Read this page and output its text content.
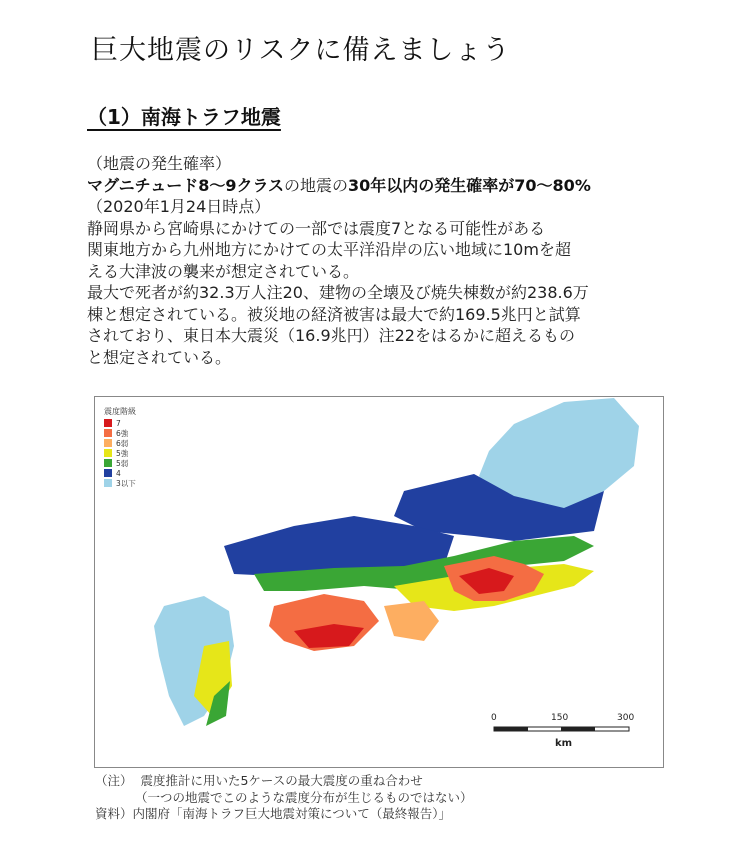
巨大地震のリスクに備えましょう
（1）南海トラフ地震

（地震の発生確率）

マグニチュード8〜9クラスの地震の30年以内の発生確率が70〜80%

（2020年1月24日時点）

静岡県から宮崎県にかけての一部では震度7となる可能性がある

関東地方から九州地方にかけての太平洋沿岸の広い地域に10mを超

える大津波の襲来が想定されている。

最大で死者が約32.3万人注20、建物の全壊及び焼失棟数が約238.6万

棟と想定されている。被災地の経済被害は最大で約169.5兆円と試算

されており、東日本大震災（16.9兆円）注22をはるかに超えるもの

と想定されている。

震度階級
7
6強
6弱
5強
5弱
4
3以下
0	150	300
km

（注） 震度推計に用いた5ケースの最大震度の重ね合わせ

（一つの地震でこのような震度分布が生じるものではない）

資料）内閣府「南海トラフ巨大地震対策について（最終報告）」
